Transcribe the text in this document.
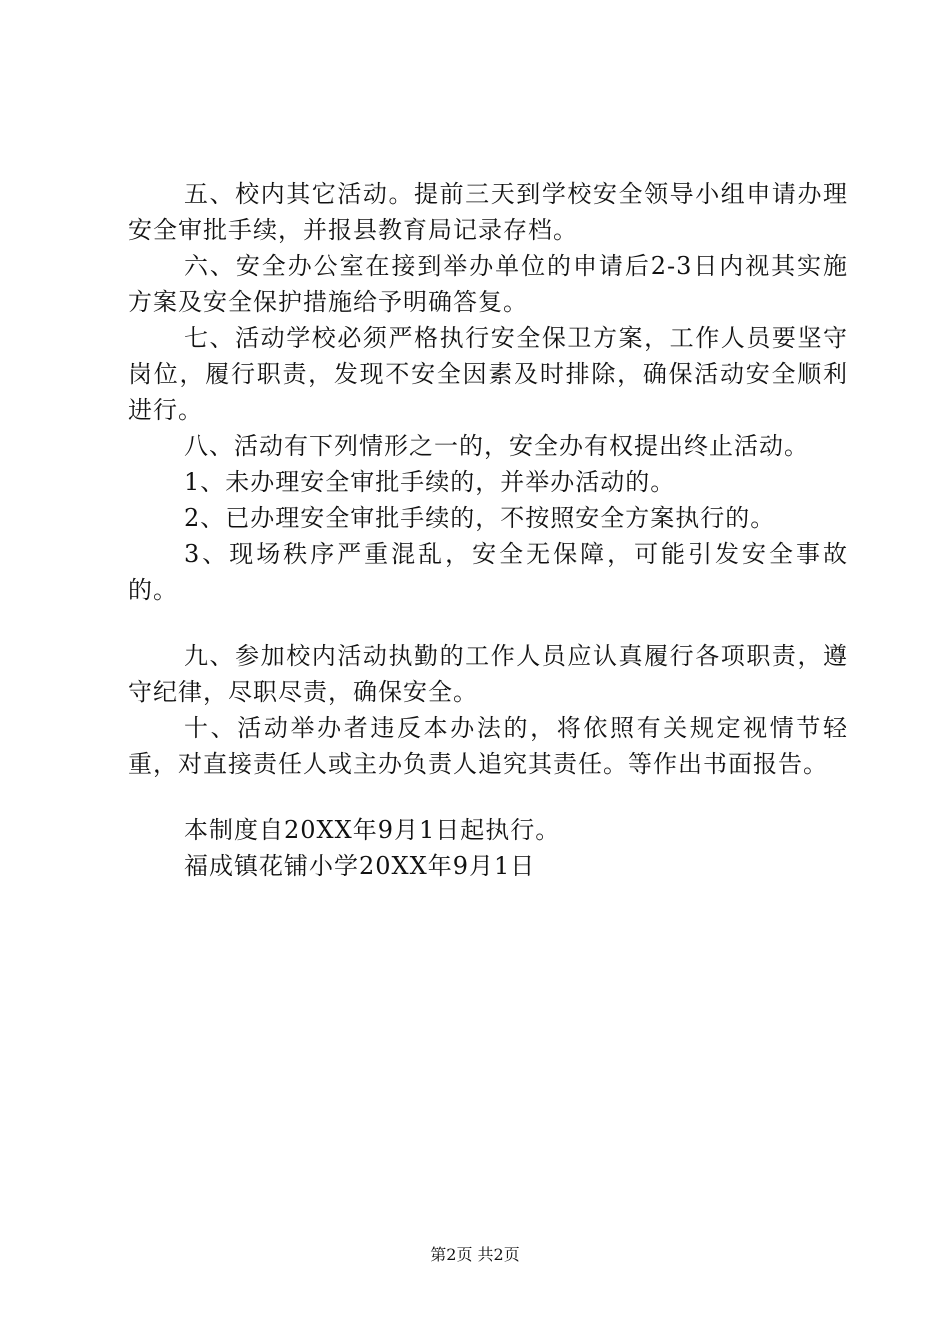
五、校内其它活动。提前三天到学校安全领导小组申请办理安全审批手续，并报县教育局记录存档。

六、安全办公室在接到举办单位的申请后2-3日内视其实施方案及安全保护措施给予明确答复。

七、活动学校必须严格执行安全保卫方案，工作人员要坚守岗位，履行职责，发现不安全因素及时排除，确保活动安全顺利进行。

八、活动有下列情形之一的，安全办有权提出终止活动。

1、未办理安全审批手续的，并举办活动的。

2、已办理安全审批手续的，不按照安全方案执行的。

3、现场秩序严重混乱，安全无保障，可能引发安全事故的。

九、参加校内活动执勤的工作人员应认真履行各项职责，遵守纪律，尽职尽责，确保安全。

十、活动举办者违反本办法的，将依照有关规定视情节轻重，对直接责任人或主办负责人追究其责任。等作出书面报告。

本制度自20XX年9月1日起执行。

福成镇花铺小学20XX年9月1日

第2页 共2页
